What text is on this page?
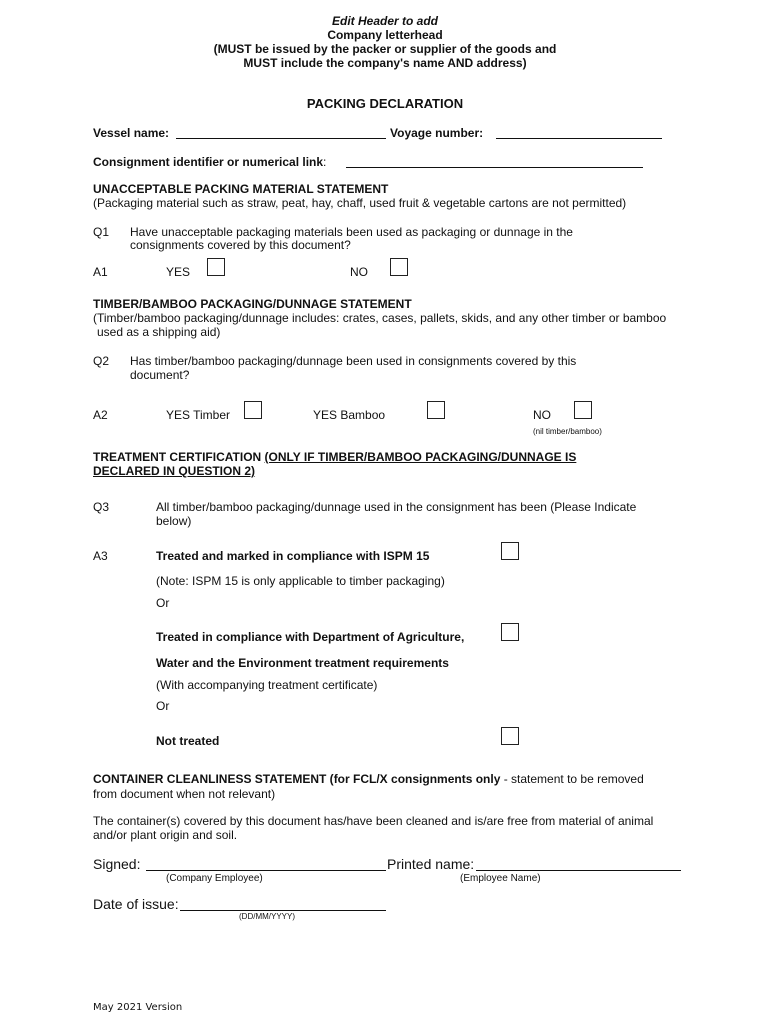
Edit Header to add
Company letterhead
(MUST be issued by the packer or supplier of the goods and
MUST include the company's name AND address)
PACKING DECLARATION
Vessel name:	Voyage number:
Consignment identifier or numerical link:
UNACCEPTABLE PACKING MATERIAL STATEMENT
(Packaging material such as straw, peat, hay, chaff, used fruit & vegetable cartons are not permitted)
Q1 Have unacceptable packaging materials been used as packaging or dunnage in the
consignments covered by this document?
A1	YES	NO
TIMBER/BAMBOO PACKAGING/DUNNAGE STATEMENT
(Timber/bamboo packaging/dunnage includes: crates, cases, pallets, skids, and any other timber or bamboo
used as a shipping aid)
Q2 Has timber/bamboo packaging/dunnage been used in consignments covered by this
document?
A2	YES Timber	YES Bamboo	NO
(nil timber/bamboo)
TREATMENT CERTIFICATION (ONLY IF TIMBER/BAMBOO PACKAGING/DUNNAGE IS
DECLARED IN QUESTION 2)
Q3	All timber/bamboo packaging/dunnage used in the consignment has been (Please Indicate
below)
A3	Treated and marked in compliance with ISPM 15
(Note: ISPM 15 is only applicable to timber packaging)
Or
Treated in compliance with Department of Agriculture,
Water and the Environment treatment requirements
(With accompanying treatment certificate)
Or
Not treated
CONTAINER CLEANLINESS STATEMENT (for FCL/X consignments only - statement to be removed
from document when not relevant)
The container(s) covered by this document has/have been cleaned and is/are free from material of animal
and/or plant origin and soil.
Signed:	Printed name:
(Company Employee)	(Employee Name)
Date of issue:
(DD/MM/YYYY)
May 2021 Version
